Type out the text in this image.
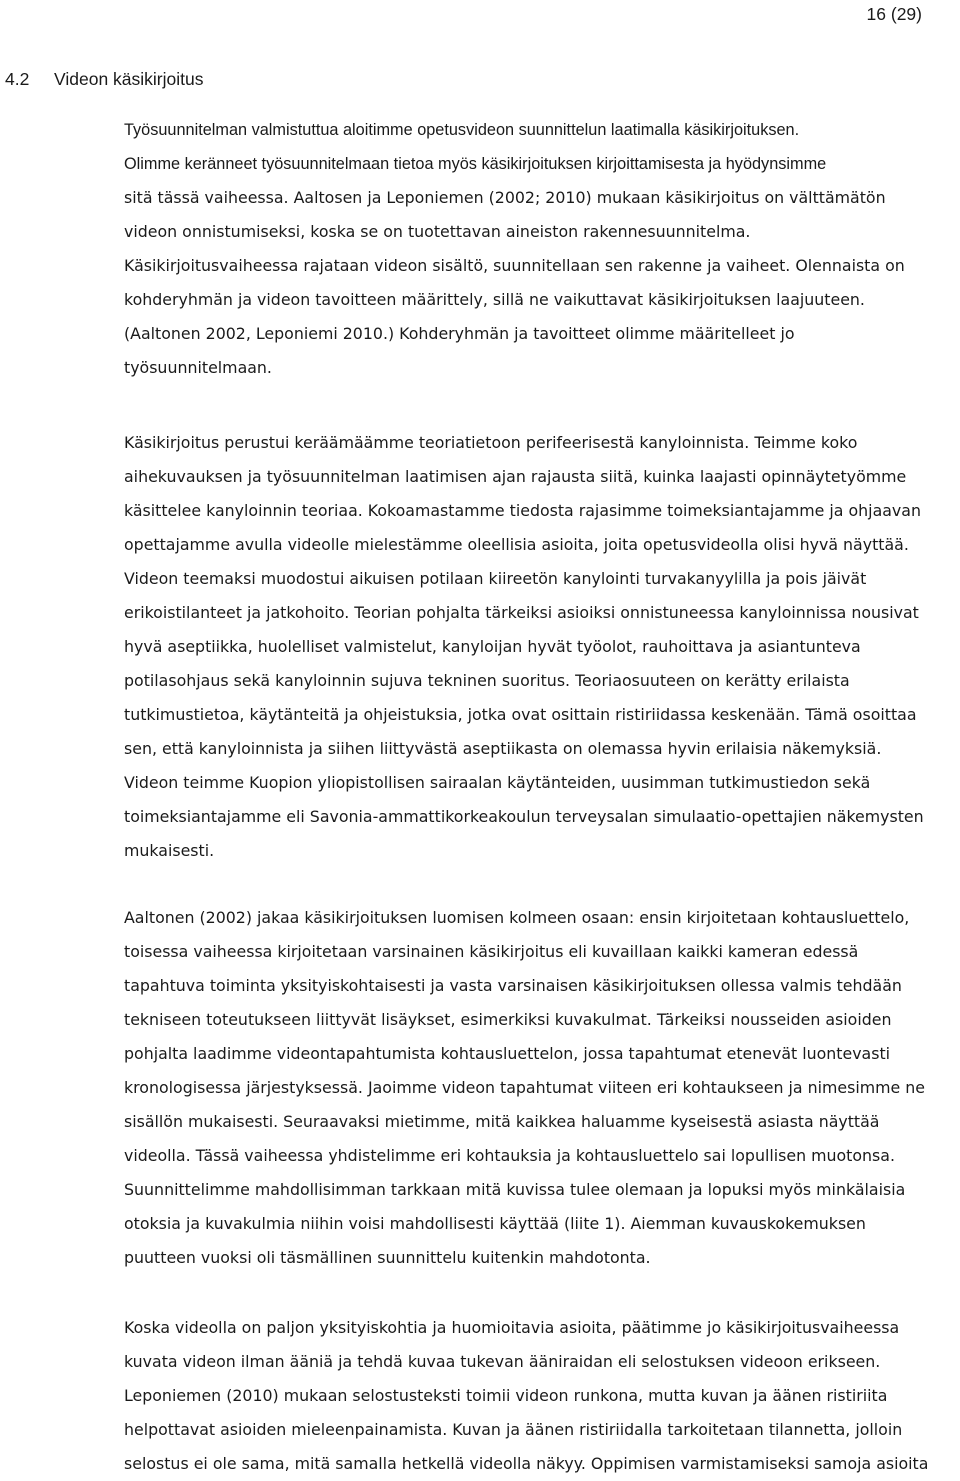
16 (29)
4.2 Videon käsikirjoitus
Työsuunnitelman valmistuttua aloitimme opetusvideon suunnittelun laatimalla käsikirjoituksen.
Olimme keränneet työsuunnitelmaan tietoa myös käsikirjoituksen kirjoittamisesta ja hyödynsimme
sitä tässä vaiheessa. Aaltosen ja Leponiemen (2002; 2010) mukaan käsikirjoitus on välttämätön
videon onnistumiseksi, koska se on tuotettavan aineiston rakennesuunnitelma.
Käsikirjoitusvaiheessa rajataan videon sisältö, suunnitellaan sen rakenne ja vaiheet. Olennaista on
kohderyhmän ja videon tavoitteen määrittely, sillä ne vaikuttavat käsikirjoituksen laajuuteen.
(Aaltonen 2002, Leponiemi 2010.) Kohderyhmän ja tavoitteet olimme määritelleet jo
työsuunnitelmaan.
Käsikirjoitus perustui keräämäämme teoriatietoon perifeerisestä kanyloinnista. Teimme koko
aihekuvauksen ja työsuunnitelman laatimisen ajan rajausta siitä, kuinka laajasti opinnäytetyömme
käsittelee kanyloinnin teoriaa. Kokoamastamme tiedosta rajasimme toimeksiantajamme ja ohjaavan
opettajamme avulla videolle mielestämme oleellisia asioita, joita opetusvideolla olisi hyvä näyttää.
Videon teemaksi muodostui aikuisen potilaan kiireetön kanylointi turvakanyylilla ja pois jäivät
erikoistilanteet ja jatkohoito. Teorian pohjalta tärkeiksi asioiksi onnistuneessa kanyloinnissa nousivat
hyvä aseptiikka, huolelliset valmistelut, kanyloijan hyvät työolot, rauhoittava ja asiantunteva
potilasohjaus sekä kanyloinnin sujuva tekninen suoritus. Teoriaosuuteen on kerätty erilaista
tutkimustietoa, käytänteitä ja ohjeistuksia, jotka ovat osittain ristiriidassa keskenään. Tämä osoittaa
sen, että kanyloinnista ja siihen liittyvästä aseptiikasta on olemassa hyvin erilaisia näkemyksiä.
Videon teimme Kuopion yliopistollisen sairaalan käytänteiden, uusimman tutkimustiedon sekä
toimeksiantajamme eli Savonia-ammattikorkeakoulun terveysalan simulaatio-opettajien näkemysten
mukaisesti.
Aaltonen (2002) jakaa käsikirjoituksen luomisen kolmeen osaan: ensin kirjoitetaan kohtausluettelo,
toisessa vaiheessa kirjoitetaan varsinainen käsikirjoitus eli kuvaillaan kaikki kameran edessä
tapahtuva toiminta yksityiskohtaisesti ja vasta varsinaisen käsikirjoituksen ollessa valmis tehdään
tekniseen toteutukseen liittyvät lisäykset, esimerkiksi kuvakulmat. Tärkeiksi nousseiden asioiden
pohjalta laadimme videontapahtumista kohtausluettelon, jossa tapahtumat etenevät luontevasti
kronologisessa järjestyksessä. Jaoimme videon tapahtumat viiteen eri kohtaukseen ja nimesimme ne
sisällön mukaisesti. Seuraavaksi mietimme, mitä kaikkea haluamme kyseisestä asiasta näyttää
videolla. Tässä vaiheessa yhdistelimme eri kohtauksia ja kohtausluettelo sai lopullisen muotonsa.
Suunnittelimme mahdollisimman tarkkaan mitä kuvissa tulee olemaan ja lopuksi myös minkälaisia
otoksia ja kuvakulmia niihin voisi mahdollisesti käyttää (liite 1). Aiemman kuvauskokemuksen
puutteen vuoksi oli täsmällinen suunnittelu kuitenkin mahdotonta.
Koska videolla on paljon yksityiskohtia ja huomioitavia asioita, päätimme jo käsikirjoitusvaiheessa
kuvata videon ilman ääniä ja tehdä kuvaa tukevan ääniraidan eli selostuksen videoon erikseen.
Leponiemen (2010) mukaan selostusteksti toimii videon runkona, mutta kuvan ja äänen ristiriita
helpottavat asioiden mieleenpainamista. Kuvan ja äänen ristiriidalla tarkoitetaan tilannetta, jolloin
selostus ei ole sama, mitä samalla hetkellä videolla näkyy. Oppimisen varmistamiseksi samoja asioita
